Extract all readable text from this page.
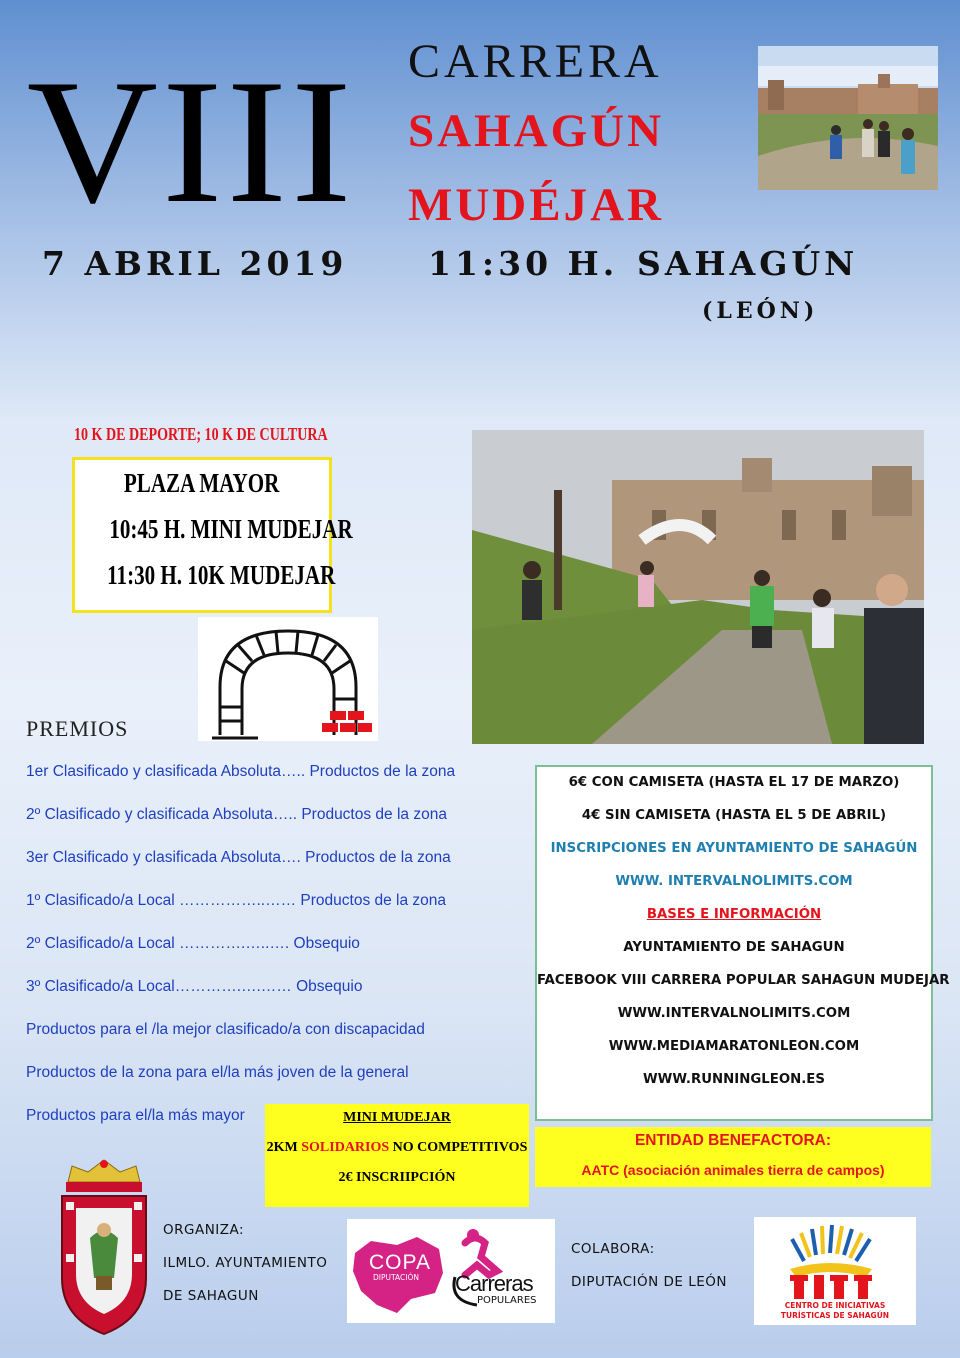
VIII CARRERA
SAHAGÚN
MUDÉJAR
7 ABRIL 2019 11:30 H. SAHAGÚN
(LEÓN)
10 K DE DEPORTE; 10 K DE CULTURA
PLAZA MAYOR
10:45 H. MINI MUDEJAR
11:30 H. 10K MUDEJAR
PREMIOS
1er Clasificado y clasificada Absoluta….. Productos de la zona
2º Clasificado y clasificada Absoluta….. Productos de la zona
3er Clasificado y clasificada Absoluta…. Productos de la zona
1º Clasificado/a Local ……………..…… Productos de la zona
2º Clasificado/a Local ………….…..…. Obsequio
3º Clasificado/a Local………….….…… Obsequio
Productos para el /la mejor clasificado/a con discapacidad
Productos de la zona para el/la más joven de la general
Productos para el/la más mayor
6€ CON CAMISETA (HASTA EL 17 DE MARZO)
4€ SIN CAMISETA (HASTA EL 5 DE ABRIL)
INSCRIPCIONES EN AYUNTAMIENTO DE SAHAGÚN
WWW. INTERVALNOLIMITS.COM
BASES E INFORMACIÓN
AYUNTAMIENTO DE SAHAGUN
FACEBOOK VIII CARRERA POPULAR SAHAGUN MUDEJAR
WWW.INTERVALNOLIMITS.COM
WWW.MEDIAMARATONLEON.COM
WWW.RUNNINGLEON.ES
MINI MUDEJAR
2KM SOLIDARIOS NO COMPETITIVOS
2€ INSCRIIPCIÓN
ENTIDAD BENEFACTORA:
AATC (asociación animales tierra de campos)
ORGANIZA:
ILMLO. AYUNTAMIENTO
DE SAHAGUN
COPA
DIPUTACIÓN Carreras
POPULARES
COLABORA:
DIPUTACIÓN DE LEÓN
CENTRO DE INICIATIVAS
TURÍSTICAS DE SAHAGÚN
